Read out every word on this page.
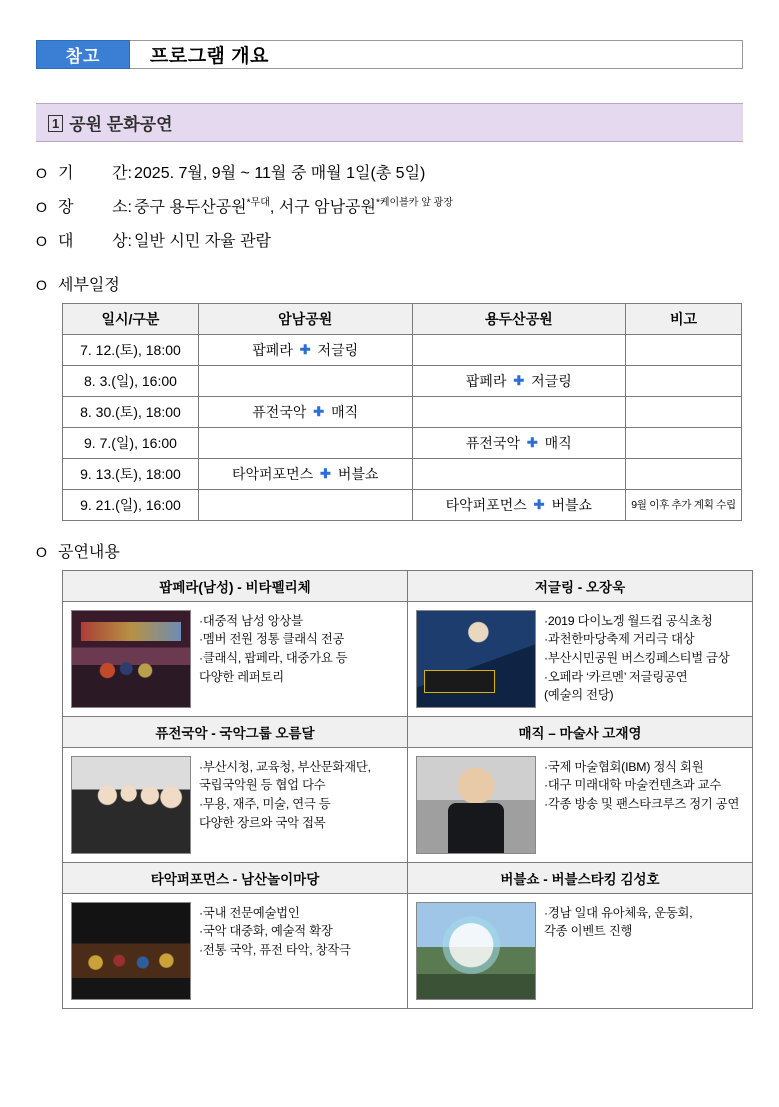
참고	프로그램 개요
1 공원 문화공연
O 기 간: 2025. 7월, 9월 ~ 11월 중 매월 1일(총 5일)
O 장 소: 중구 용두산공원$^{*무대}$, 서구 암남공원$^{*케이블카 앞 광장}$
O 대 상: 일반 시민 자율 관람
O 세부일정
일시/구분	암남공원	용두산공원	비고
7. 12.(토), 18:00	팝페라 ✚ 저글링		
8. 3.(일), 16:00		팝페라 ✚ 저글링	
8. 30.(토), 18:00	퓨전국악 ✚ 매직		
9. 7.(일), 16:00		퓨전국악 ✚ 매직	
9. 13.(토), 18:00	타악퍼포먼스 ✚ 버블쇼		
9. 21.(일), 16:00		타악퍼포먼스 ✚ 버블쇼	9월 이후 추가 계획 수립
O 공연내용
팝페라(남성) - 비타펠리체	저글링 - 오장욱

·대중적 남성 앙상블
·멤버 전원 정통 클래식 전공
·클래식, 팝페라, 대중가요 등
다양한 레퍼토리

·2019 다이노겡 월드컵 공식초청
·과천한마당축제 거리극 대상
·부산시민공원 버스킹페스티벌 금상
·오페라 ‘카르멘’ 저글링공연
(예술의 전당)

퓨전국악 - 국악그룹 오름달	매직 – 마술사 고재영

·부산시청, 교육청, 부산문화재단,
국립국악원 등 협업 다수
·무용, 재주, 미술, 연극 등
다양한 장르와 국악 접목

·국제 마술협회(IBM) 정식 회원
·대구 미래대학 마술컨텐츠과 교수
·각종 방송 및 팬스타크루즈 정기 공연

타악퍼포먼스 - 남산놀이마당	버블쇼 - 버블스타킹 김성호

·국내 전문예술법인
·국악 대중화, 예술적 확장
·전통 국악, 퓨전 타악, 창작극

·경남 일대 유아체육, 운동회,
각종 이벤트 진행
